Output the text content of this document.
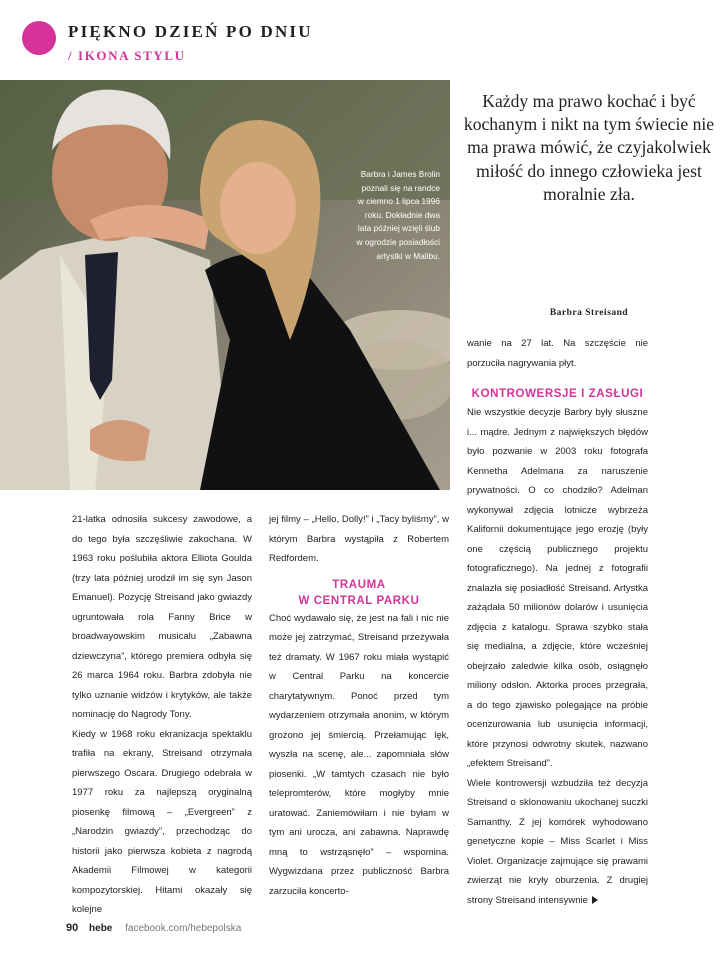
PIĘKNO DZIEŃ PO DNIU
/ IKONA STYLU
Barbra i James Brolin poznali się na randce w ciemno 1 lipca 1996 roku. Dokładnie dwa lata później wzięli ślub w ogrodzie posiadłości artystki w Malibu.
Każdy ma prawo kochać i być kochanym i nikt na tym świecie nie ma prawa mówić, że czyjakolwiek miłość do innego człowieka jest moralnie zła.
Barbra Streisand

21-latka odnosiła sukcesy zawodowe, a do tego była szczęśliwie zakochana. W 1963 roku poślubiła aktora Elliota Goulda (trzy lata później urodził im się syn Jason Emanuel). Pozycję Streisand jako gwiazdy ugruntowała rola Fanny Brice w broadwayowskim musicalu „Zabawna dziewczyna”, którego premiera odbyła się 26 marca 1964 roku. Barbra zdobyła nie tylko uznanie widzów i krytyków, ale także nominację do Nagrody Tony.

Kiedy w 1968 roku ekranizacja spektaklu trafiła na ekrany, Streisand otrzymała pierwszego Oscara. Drugiego odebrała w 1977 roku za najlepszą oryginalną piosenkę filmową – „Evergreen” z „Narodzin gwiazdy”, przechodząc do historii jako pierwsza kobieta z nagrodą Akademii Filmowej w kategorii kompozytorskiej. Hitami okazały się kolejne

jej filmy – „Hello, Dolly!” i „Tacy byliśmy”, w którym Barbra wystąpiła z Robertem Redfordem.

TRAUMA
W CENTRAL PARKU

Choć wydawało się, że jest na fali i nic nie może jej zatrzymać, Streisand przeżywała też dramaty. W 1967 roku miała wystąpić w Central Parku na koncercie charytatywnym. Ponoć przed tym wydarzeniem otrzymała anonim, w którym grożono jej śmiercią. Przełamując lęk, wyszła na scenę, ale... zapomniała słów piosenki. „W tamtych czasach nie było telepromterów, które mogłyby mnie uratować. Zaniemówiłam i nie byłam w tym ani urocza, ani zabawna. Naprawdę mną to wstrząsnęło” – wspomina. Wygwizdana przez publiczność Barbra zarzuciła koncerto-

wanie na 27 lat. Na szczęście nie porzuciła nagrywania płyt.

KONTROWERSJE I ZASŁUGI

Nie wszystkie decyzje Barbry były słuszne i... mądre. Jednym z największych błędów było pozwanie w 2003 roku fotografa Kennetha Adelmana za naruszenie prywatności. O co chodziło? Adelman wykonywał zdjęcia lotnicze wybrzeża Kalifornii dokumentujące jego erozję (były one częścią publicznego projektu fotograficznego). Na jednej z fotografii znalazła się posiadłość Streisand. Artystka zażądała 50 milionów dolarów i usunięcia zdjęcia z katalogu. Sprawa szybko stała się medialna, a zdjęcie, które wcześniej obejrzało zaledwie kilka osób, osiągnęło miliony odsłon. Aktorka proces przegrała, a do tego zjawisko polegające na próbie ocenzurowania lub usunięcia informacji, które przynosi odwrotny skutek, nazwano „efektem Streisand”.

Wiele kontrowersji wzbudziła też decyzja Streisand o sklonowaniu ukochanej suczki Samanthy. Z jej komórek wyhodowano genetyczne kopie – Miss Scarlet i Miss Violet. Organizacje zajmujące się prawami zwierząt nie kryły oburzenia. Z drugiej strony Streisand intensywnie

90 hebe facebook.com/hebepolska
